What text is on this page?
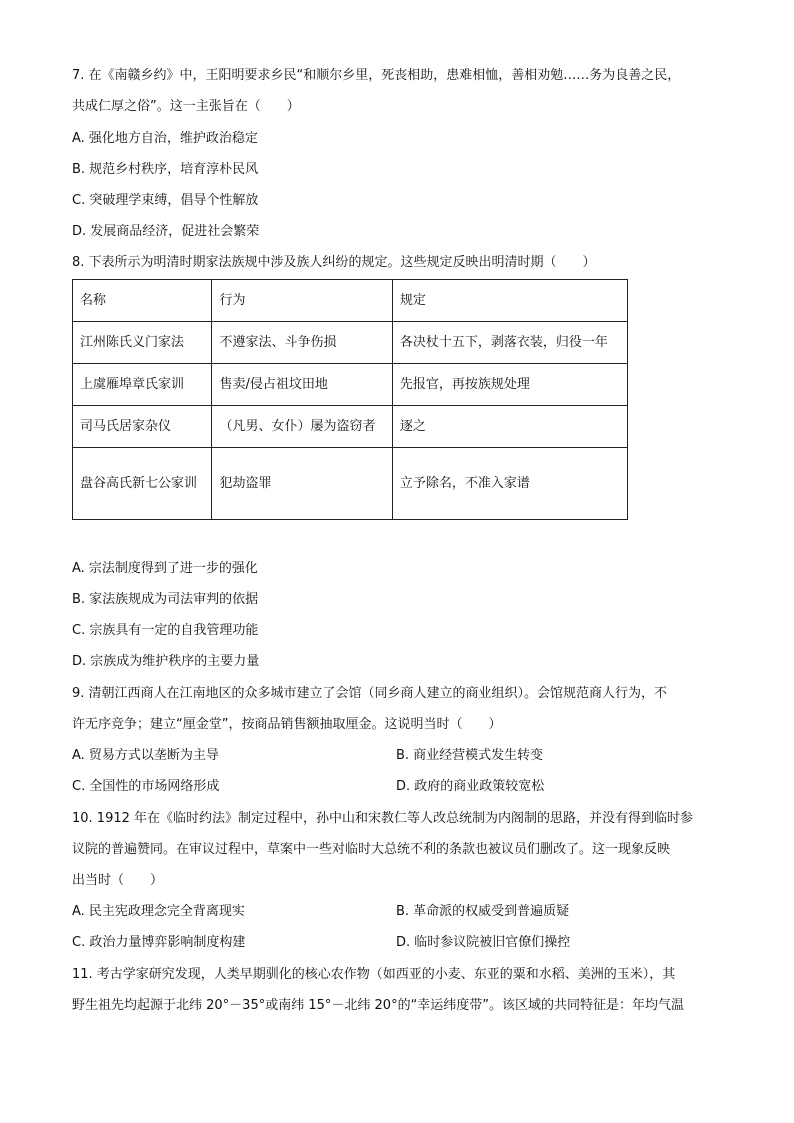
7. 在《南赣乡约》中，王阳明要求乡民“和顺尔乡里，死丧相助，患难相恤，善相劝勉……务为良善之民，
共成仁厚之俗”。这一主张旨在（　　）
A. 强化地方自治，维护政治稳定
B. 规范乡村秩序，培育淳朴民风
C. 突破理学束缚，倡导个性解放
D. 发展商品经济，促进社会繁荣
8. 下表所示为明清时期家法族规中涉及族人纠纷的规定。这些规定反映出明清时期（　　）
名称	行为	规定
江州陈氏义门家法	不遵家法、斗争伤损	各决杖十五下，剥落衣装，归役一年
上虞雁埠章氏家训	售卖/侵占祖坟田地	先报官，再按族规处理
司马氏居家杂仪	（凡男、女仆）屡为盗窃者	逐之
盘谷高氏新七公家训	犯劫盗罪	立予除名，不准入家谱
A. 宗法制度得到了进一步的强化
B. 家法族规成为司法审判的依据
C. 宗族具有一定的自我管理功能
D. 宗族成为维护秩序的主要力量
9. 清朝江西商人在江南地区的众多城市建立了会馆（同乡商人建立的商业组织）。会馆规范商人行为，不
许无序竞争；建立“厘金堂”，按商品销售额抽取厘金。这说明当时（　　）
A. 贸易方式以垄断为主导	B. 商业经营模式发生转变
C. 全国性的市场网络形成	D. 政府的商业政策较宽松
10. 1912 年在《临时约法》制定过程中，孙中山和宋教仁等人改总统制为内阁制的思路，并没有得到临时参
议院的普遍赞同。在审议过程中，草案中一些对临时大总统不利的条款也被议员们删改了。这一现象反映
出当时（　　）
A. 民主宪政理念完全背离现实	B. 革命派的权威受到普遍质疑
C. 政治力量博弈影响制度构建	D. 临时参议院被旧官僚们操控
11. 考古学家研究发现，人类早期驯化的核心农作物（如西亚的小麦、东亚的粟和水稻、美洲的玉米），其
野生祖先均起源于北纬 20°－35°或南纬 15°－北纬 20°的“幸运纬度带”。该区域的共同特征是：年均气温
